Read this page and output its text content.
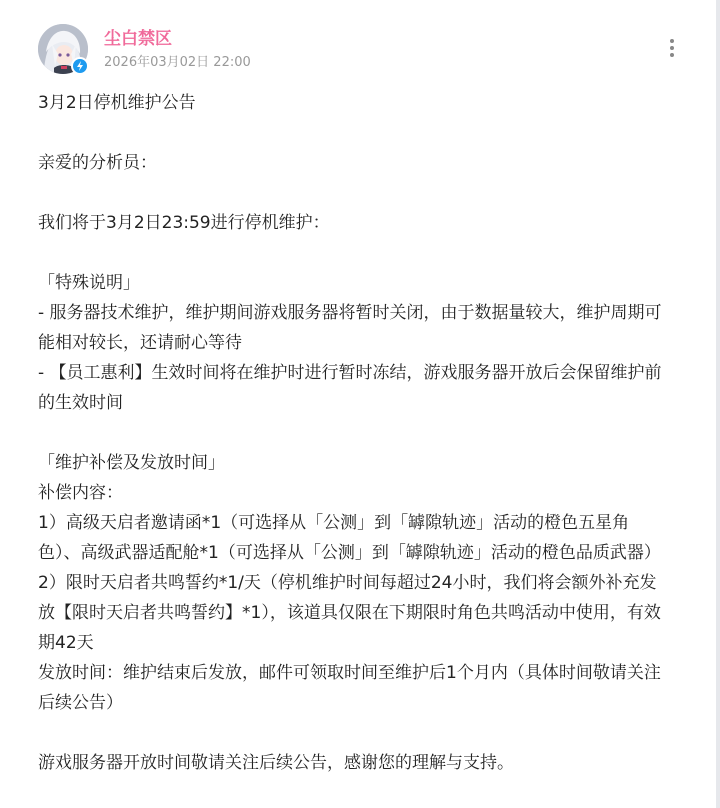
尘白禁区
2026年03月02日 22:00
3月2日停机维护公告
亲爱的分析员：
我们将于3月2日23:59进行停机维护：
「特殊说明」
- 服务器技术维护，维护期间游戏服务器将暂时关闭，由于数据量较大，维护周期可能相对较长，还请耐心等待
- 【员工惠利】生效时间将在维护时进行暂时冻结，游戏服务器开放后会保留维护前的生效时间
「维护补偿及发放时间」
补偿内容：
1）高级天启者邀请函*1（可选择从「公测」到「罅隙轨迹」活动的橙色五星角色）、高级武器适配舱*1（可选择从「公测」到「罅隙轨迹」活动的橙色品质武器）
2）限时天启者共鸣誓约*1/天（停机维护时间每超过24小时，我们将会额外补充发放【限时天启者共鸣誓约】*1），该道具仅限在下期限时角色共鸣活动中使用，有效期42天
发放时间：维护结束后发放，邮件可领取时间至维护后1个月内（具体时间敬请关注后续公告）
游戏服务器开放时间敬请关注后续公告，感谢您的理解与支持。
